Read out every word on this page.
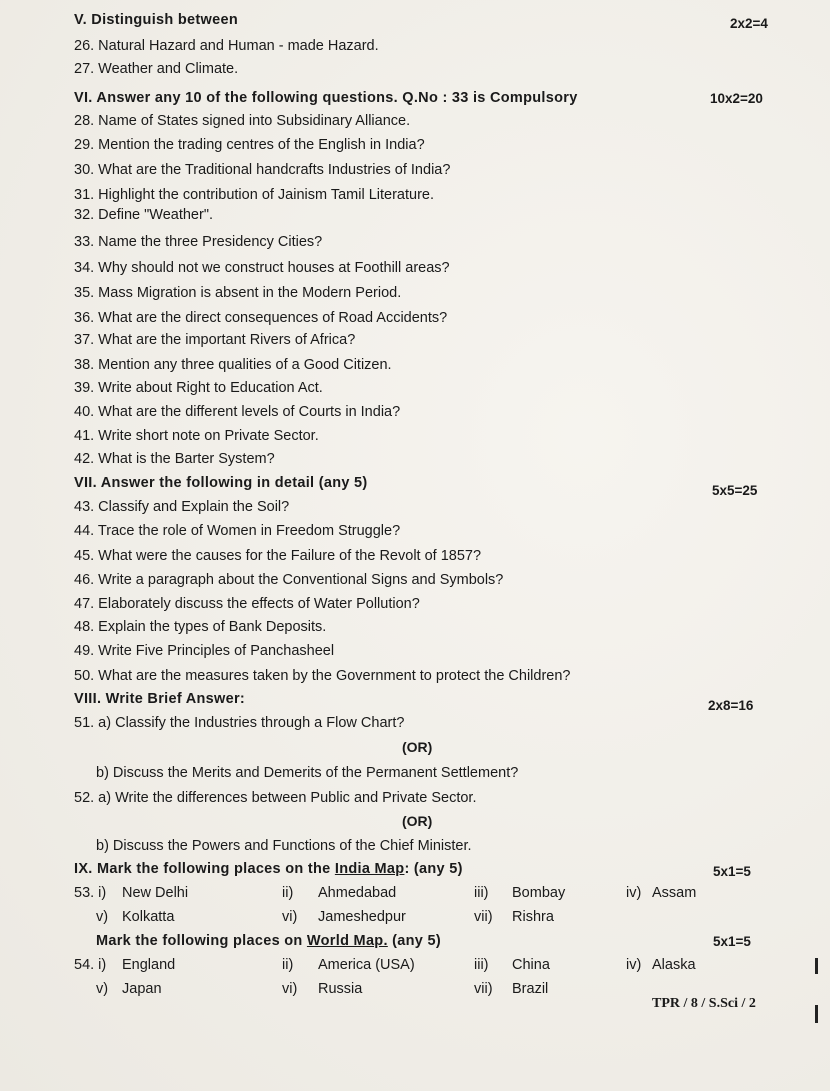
V. Distinguish between	2x2=4
26. Natural Hazard and Human - made Hazard.
27. Weather and Climate.
VI. Answer any 10 of the following questions. Q.No : 33 is Compulsory	10x2=20
28. Name of States signed into Subsidinary Alliance.
29. Mention the trading centres of the English in India?
30. What are the Traditional handcrafts Industries of India?
31. Highlight the contribution of Jainism Tamil Literature.
32. Define "Weather".
33. Name the three Presidency Cities?
34. Why should not we construct houses at Foothill areas?
35. Mass Migration is absent in the Modern Period.
36. What are the direct consequences of Road Accidents?
37. What are the important Rivers of Africa?
38. Mention any three qualities of a Good Citizen.
39. Write about Right to Education Act.
40. What are the different levels of Courts in India?
41. Write short note on Private Sector.
42. What is the Barter System?
VII. Answer the following in detail (any 5)	5x5=25
43. Classify and Explain the Soil?
44. Trace the role of Women in Freedom Struggle?
45. What were the causes for the Failure of the Revolt of 1857?
46. Write a paragraph about the Conventional Signs and Symbols?
47. Elaborately discuss the effects of Water Pollution?
48. Explain the types of Bank Deposits.
49. Write Five Principles of Panchasheel
50. What are the measures taken by the Government to protect the Children?
VIII. Write Brief Answer:	2x8=16
51. a) Classify the Industries through a Flow Chart?
(OR)
b) Discuss the Merits and Demerits of the Permanent Settlement?
52. a) Write the differences between Public and Private Sector.
(OR)
b) Discuss the Powers and Functions of the Chief Minister.
IX. Mark the following places on the India Map: (any 5)	5x1=5
53. i) New Delhi	ii) Ahmedabad	iii) Bombay	iv) Assam
v) Kolkatta	vi) Jameshedpur	vii) Rishra
Mark the following places on World Map. (any 5)	5x1=5
54. i) England	ii) America (USA)	iii) China	iv) Alaska
v) Japan	vi) Russia	vii) Brazil
TPR / 8 / S.Sci / 2
